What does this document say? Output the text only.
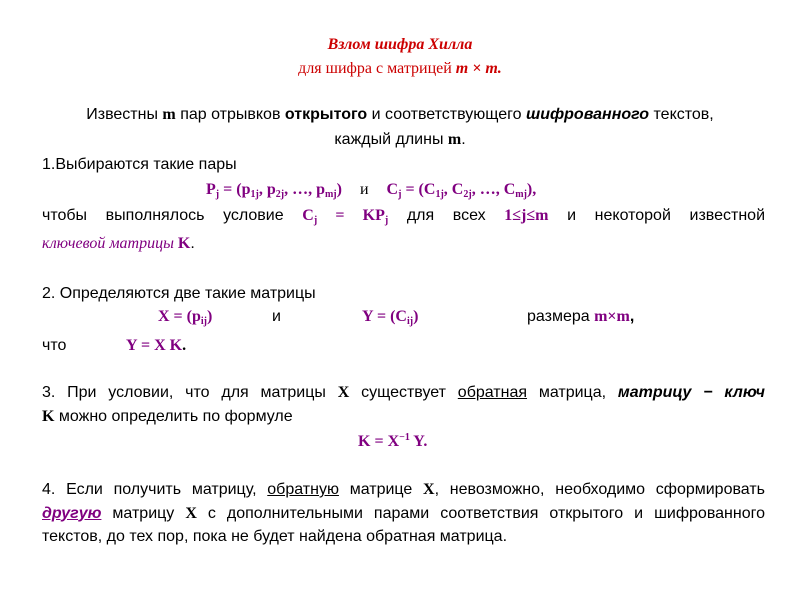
Взлом шифра Хилла
для шифра с матрицей m × m.
Известны m пар отрывков открытого и соответствующего шифрованного текстов,
каждый длины m.
1.Выбираются такие пары
$P_j = (p_{1j}$, $p_{2j}$, …, $p_{mj}$) и $C_j = (C_{1j}$, $C_{2j}$, …, $C_{mj}$),
чтобы выполнялось условие $C_j = KP_j$ для всех 1≤j≤m и некоторой известной
ключевой матрицы K.
2. Определяются две такие матрицы
$X = (p_{ij})$	и	$Y = (C_{ij})$	размера m×m,
что	Y = X K.
3. При условии, что для матрицы X существует обратная матрица, матрицу − ключ
K можно определить по формуле
$K = X^{-1}$ Y.
4. Если получить матрицу, обратную матрице X, невозможно, необходимо сформировать другую матрицу X с дополнительными парами соответствия открытого и шифрованного текстов, до тех пор, пока не будет найдена обратная матрица.
